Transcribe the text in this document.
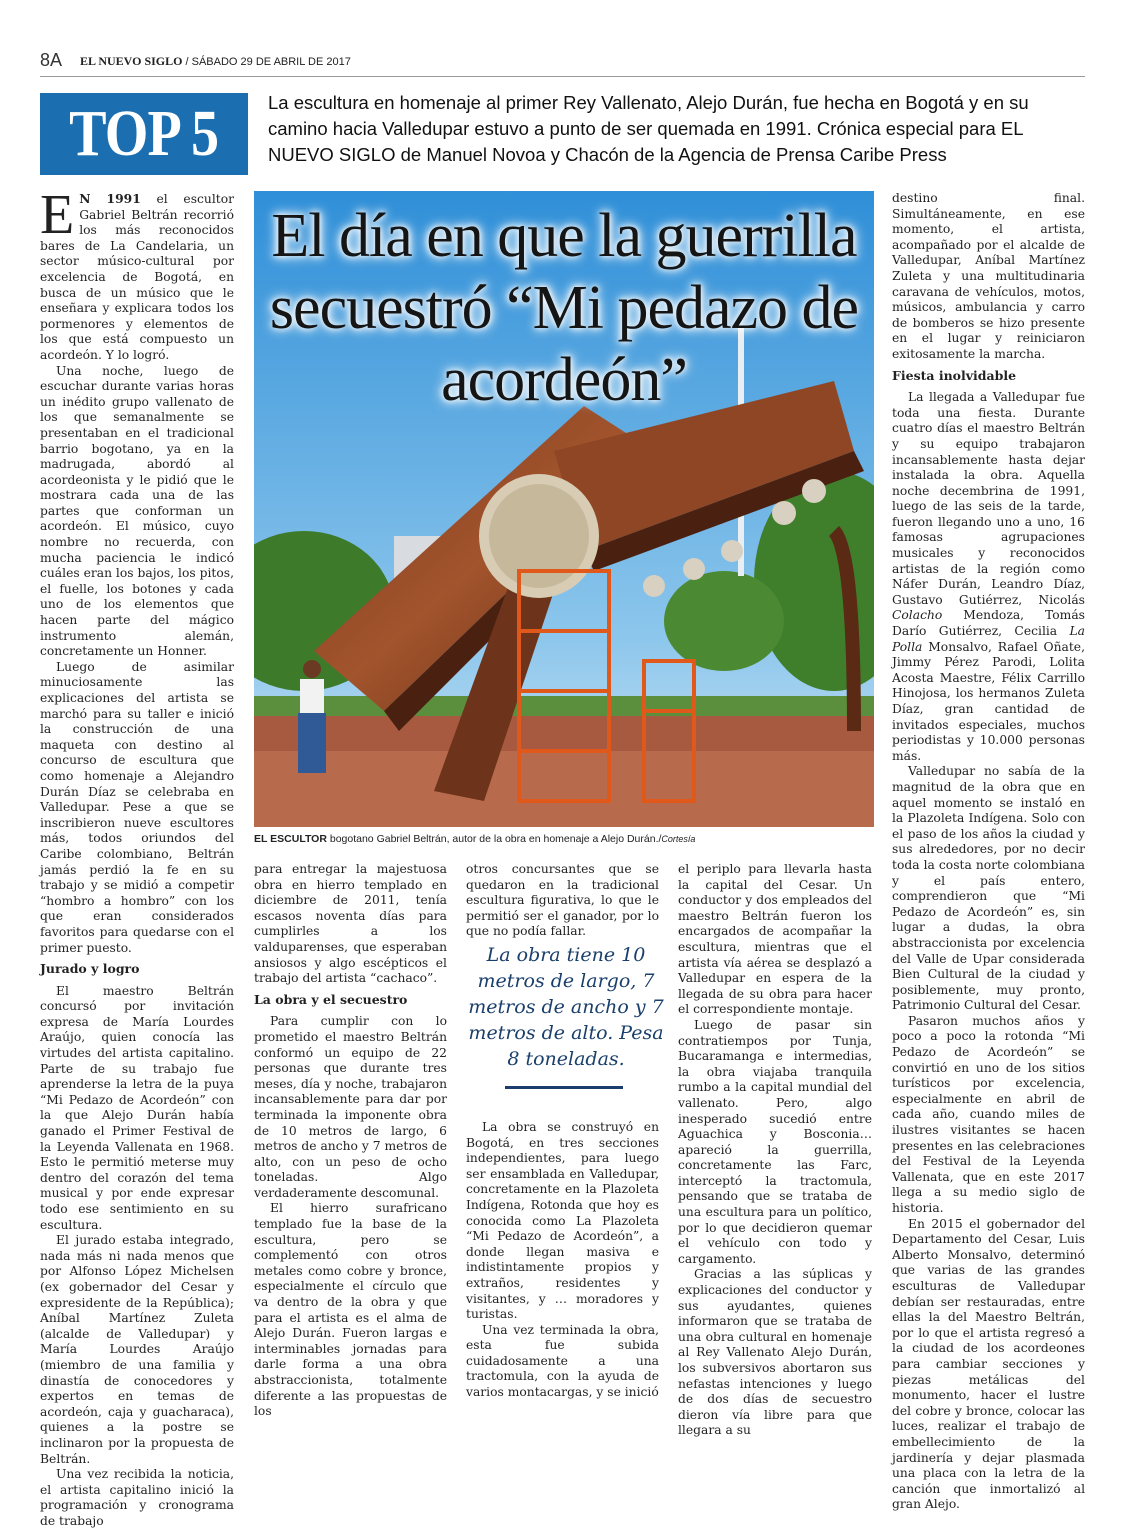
8A EL NUEVO SIGLO / SÁBADO 29 DE ABRIL DE 2017
TOP 5	La escultura en homenaje al primer Rey Vallenato, Alejo Durán, fue hecha en Bogotá y en su camino hacia Valledupar estuvo a punto de ser quemada en 1991. Crónica especial para EL NUEVO SIGLO de Manuel Novoa y Chacón de la Agencia de Prensa Caribe Press

E N 1991 el escultor Gabriel Beltrán recorrió los más reconocidos bares de La Candelaria, un sector músico-cultural por excelencia de Bogotá, en busca de un músico que le enseñara y explicara todos los pormenores y elementos de los que está compuesto un acordeón. Y lo logró.

Una noche, luego de escuchar durante varias horas un inédito grupo vallenato de los que semanalmente se presentaban en el tradicional barrio bogotano, ya en la madrugada, abordó al acordeonista y le pidió que le mostrara cada una de las partes que conforman un acordeón. El músico, cuyo nombre no recuerda, con mucha paciencia le indicó cuáles eran los bajos, los pitos, el fuelle, los botones y cada uno de los elementos que hacen parte del mágico instrumento alemán, concretamente un Honner.

Luego de asimilar minuciosamente las explicaciones del artista se marchó para su taller e inició la construcción de una maqueta con destino al concurso de escultura que como homenaje a Alejandro Durán Díaz se celebraba en Valledupar. Pese a que se inscribieron nueve escultores más, todos oriundos del Caribe colombiano, Beltrán jamás perdió la fe en su trabajo y se midió a competir “hombro a hombro” con los que eran considerados favoritos para quedarse con el primer puesto.

Jurado y logro

El maestro Beltrán concursó por invitación expresa de María Lourdes Araújo, quien conocía las virtudes del artista capitalino. Parte de su trabajo fue aprenderse la letra de la puya “Mi Pedazo de Acordeón” con la que Alejo Durán había ganado el Primer Festival de la Leyenda Vallenata en 1968. Esto le permitió meterse muy dentro del corazón del tema musical y por ende expresar todo ese sentimiento en su escultura.

El jurado estaba integrado, nada más ni nada menos que por Alfonso López Michelsen (ex gobernador del Cesar y expresidente de la República); Aníbal Martínez Zuleta (alcalde de Valledupar) y María Lourdes Araújo (miembro de una familia y dinastía de conocedores y expertos en temas de acordeón, caja y guacharaca), quienes a la postre se inclinaron por la propuesta de Beltrán.

Una vez recibida la noticia, el artista capitalino inició la programación y cronograma de trabajo

El día en que la guerrilla secuestró “Mi pedazo de acordeón”
EL ESCULTOR bogotano Gabriel Beltrán, autor de la obra en homenaje a Alejo Durán./Cortesía

para entregar la majestuosa obra en hierro templado en diciembre de 2011, tenía escasos noventa días para cumplirles a los valduparenses, que esperaban ansiosos y algo escépticos el trabajo del artista “cachaco”.

La obra y el secuestro

Para cumplir con lo prometido el maestro Beltrán conformó un equipo de 22 personas que durante tres meses, día y noche, trabajaron incansablemente para dar por terminada la imponente obra de 10 metros de largo, 6 metros de ancho y 7 metros de alto, con un peso de ocho toneladas. Algo verdaderamente descomunal.

El hierro surafricano templado fue la base de la escultura, pero se complementó con otros metales como cobre y bronce, especialmente el círculo que va dentro de la obra y que para el artista es el alma de Alejo Durán. Fueron largas e interminables jornadas para darle forma a una obra abstraccionista, totalmente diferente a las propuestas de los

otros concursantes que se quedaron en la tradicional escultura figurativa, lo que le permitió ser el ganador, por lo que no podía fallar.

La obra se construyó en Bogotá, en tres secciones independientes, para luego ser ensamblada en Valledupar, concretamente en la Plazoleta Indígena, Rotonda que hoy es conocida como La Plazoleta “Mi Pedazo de Acordeón”, a donde llegan masiva e indistintamente propios y extraños, residentes y visitantes, y … moradores y turistas.

Una vez terminada la obra, esta fue subida cuidadosamente a una tractomula, con la ayuda de varios montacargas, y se inició

La obra tiene 10 metros de largo, 7 metros de ancho y 7 metros de alto. Pesa 8 toneladas.

el periplo para llevarla hasta la capital del Cesar. Un conductor y dos empleados del maestro Beltrán fueron los encargados de acompañar la escultura, mientras que el artista vía aérea se desplazó a Valledupar en espera de la llegada de su obra para hacer el correspondiente montaje.

Luego de pasar sin contratiempos por Tunja, Bucaramanga e intermedias, la obra viajaba tranquila rumbo a la capital mundial del vallenato. Pero, algo inesperado sucedió entre Aguachica y Bosconia… apareció la guerrilla, concretamente las Farc, interceptó la tractomula, pensando que se trataba de una escultura para un político, por lo que decidieron quemar el vehículo con todo y cargamento.

Gracias a las súplicas y explicaciones del conductor y sus ayudantes, quienes informaron que se trataba de una obra cultural en homenaje al Rey Vallenato Alejo Durán, los subversivos abortaron sus nefastas intenciones y luego de dos días de secuestro dieron vía libre para que llegara a su

destino final. Simultáneamente, en ese momento, el artista, acompañado por el alcalde de Valledupar, Aníbal Martínez Zuleta y una multitudinaria caravana de vehículos, motos, músicos, ambulancia y carro de bomberos se hizo presente en el lugar y reiniciaron exitosamente la marcha.

Fiesta inolvidable

La llegada a Valledupar fue toda una fiesta. Durante cuatro días el maestro Beltrán y su equipo trabajaron incansablemente hasta dejar instalada la obra. Aquella noche decembrina de 1991, luego de las seis de la tarde, fueron llegando uno a uno, 16 famosas agrupaciones musicales y reconocidos artistas de la región como Náfer Durán, Leandro Díaz, Gustavo Gutiérrez, Nicolás Colacho Mendoza, Tomás Darío Gutiérrez, Cecilia La Polla Monsalvo, Rafael Oñate, Jimmy Pérez Parodi, Lolita Acosta Maestre, Félix Carrillo Hinojosa, los hermanos Zuleta Díaz, gran cantidad de invitados especiales, muchos periodistas y 10.000 personas más.

Valledupar no sabía de la magnitud de la obra que en aquel momento se instaló en la Plazoleta Indígena. Solo con el paso de los años la ciudad y sus alrededores, por no decir toda la costa norte colombiana y el país entero, comprendieron que “Mi Pedazo de Acordeón” es, sin lugar a dudas, la obra abstraccionista por excelencia del Valle de Upar considerada Bien Cultural de la ciudad y posiblemente, muy pronto, Patrimonio Cultural del Cesar.

Pasaron muchos años y poco a poco la rotonda “Mi Pedazo de Acordeón” se convirtió en uno de los sitios turísticos por excelencia, especialmente en abril de cada año, cuando miles de ilustres visitantes se hacen presentes en las celebraciones del Festival de la Leyenda Vallenata, que en este 2017 llega a su medio siglo de historia.

En 2015 el gobernador del Departamento del Cesar, Luis Alberto Monsalvo, determinó que varias de las grandes esculturas de Valledupar debían ser restauradas, entre ellas la del Maestro Beltrán, por lo que el artista regresó a la ciudad de los acordeones para cambiar secciones y piezas metálicas del monumento, hacer el lustre del cobre y bronce, colocar las luces, realizar el trabajo de embellecimiento de la jardinería y dejar plasmada una placa con la letra de la canción que inmortalizó al gran Alejo.
